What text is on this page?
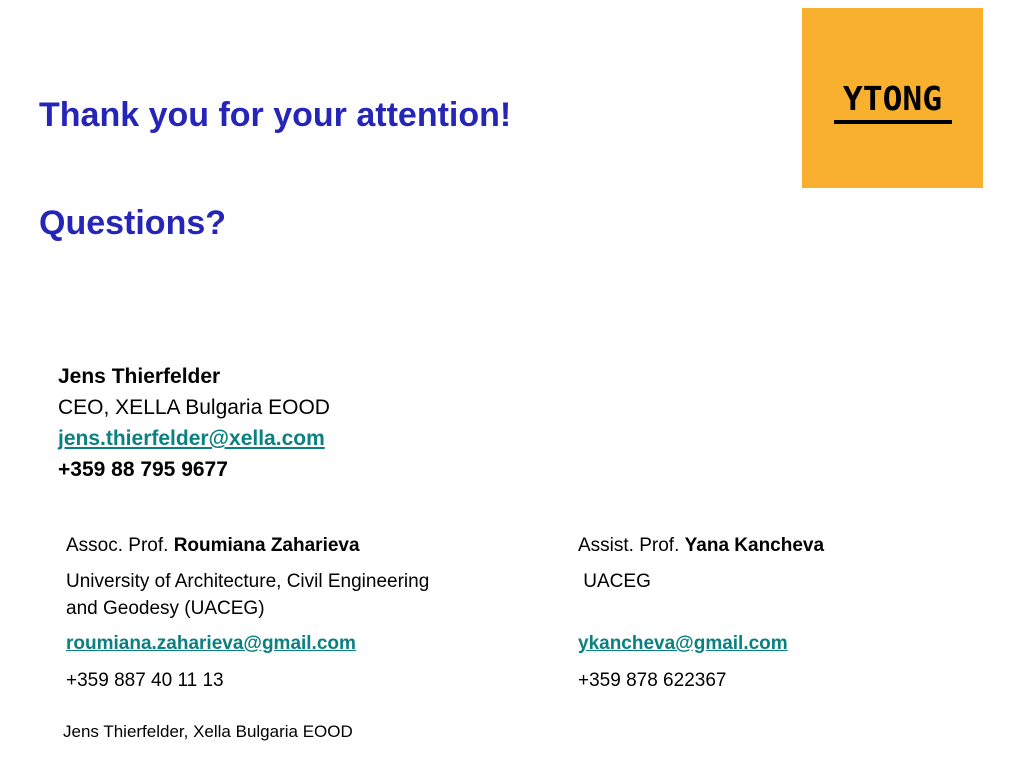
YTONG
Thank you for your attention!
Questions?
Jens Thierfelder
CEO, XELLA Bulgaria EOOD
jens.thierfelder@xella.com
+359 88 795 9677
Assoc. Prof. Roumiana Zaharieva
University of Architecture, Civil Engineering
and Geodesy (UACEG)
roumiana.zaharieva@gmail.com
+359 887 40 11 13
Assist. Prof. Yana Kancheva
UACEG
ykancheva@gmail.com
+359 878 622367
Jens Thierfelder, Xella Bulgaria EOOD
